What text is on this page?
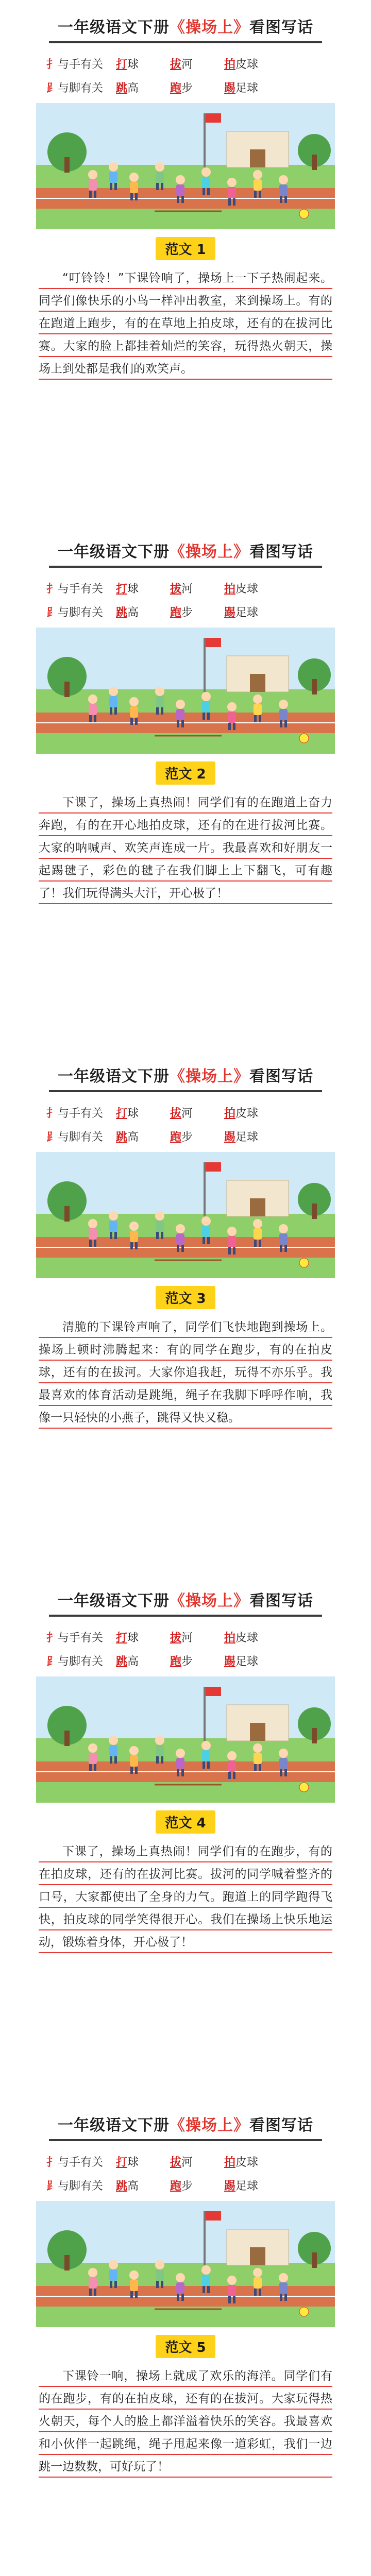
一年级语文下册《操场上》看图写话
扌与手有关	打球	拔河	拍皮球
⻊与脚有关	跳高	跑步	踢足球
范文 1

“叮铃铃！”下课铃响了，操场上一下子热闹起来。同学们像快乐的小鸟一样冲出教室，来到操场上。有的在跑道上跑步，有的在草地上拍皮球，还有的在拔河比赛。大家的脸上都挂着灿烂的笑容，玩得热火朝天，操场上到处都是我们的欢笑声。

一年级语文下册《操场上》看图写话
扌与手有关	打球	拔河	拍皮球
⻊与脚有关	跳高	跑步	踢足球
范文 2

下课了，操场上真热闹！同学们有的在跑道上奋力奔跑，有的在开心地拍皮球，还有的在进行拔河比赛。大家的呐喊声、欢笑声连成一片。我最喜欢和好朋友一起踢毽子，彩色的毽子在我们脚上上下翻飞，可有趣了！我们玩得满头大汗，开心极了！

一年级语文下册《操场上》看图写话
扌与手有关	打球	拔河	拍皮球
⻊与脚有关	跳高	跑步	踢足球
范文 3

清脆的下课铃声响了，同学们飞快地跑到操场上。操场上顿时沸腾起来：有的同学在跑步，有的在拍皮球，还有的在拔河。大家你追我赶，玩得不亦乐乎。我最喜欢的体育活动是跳绳，绳子在我脚下呼呼作响，我像一只轻快的小燕子，跳得又快又稳。

一年级语文下册《操场上》看图写话
扌与手有关	打球	拔河	拍皮球
⻊与脚有关	跳高	跑步	踢足球
范文 4

下课了，操场上真热闹！同学们有的在跑步，有的在拍皮球，还有的在拔河比赛。拔河的同学喊着整齐的口号，大家都使出了全身的力气。跑道上的同学跑得飞快，拍皮球的同学笑得很开心。我们在操场上快乐地运动，锻炼着身体，开心极了！

一年级语文下册《操场上》看图写话
扌与手有关	打球	拔河	拍皮球
⻊与脚有关	跳高	跑步	踢足球
范文 5

下课铃一响，操场上就成了欢乐的海洋。同学们有的在跑步，有的在拍皮球，还有的在拔河。大家玩得热火朝天，每个人的脸上都洋溢着快乐的笑容。我最喜欢和小伙伴一起跳绳，绳子甩起来像一道彩虹，我们一边跳一边数数，可好玩了！
